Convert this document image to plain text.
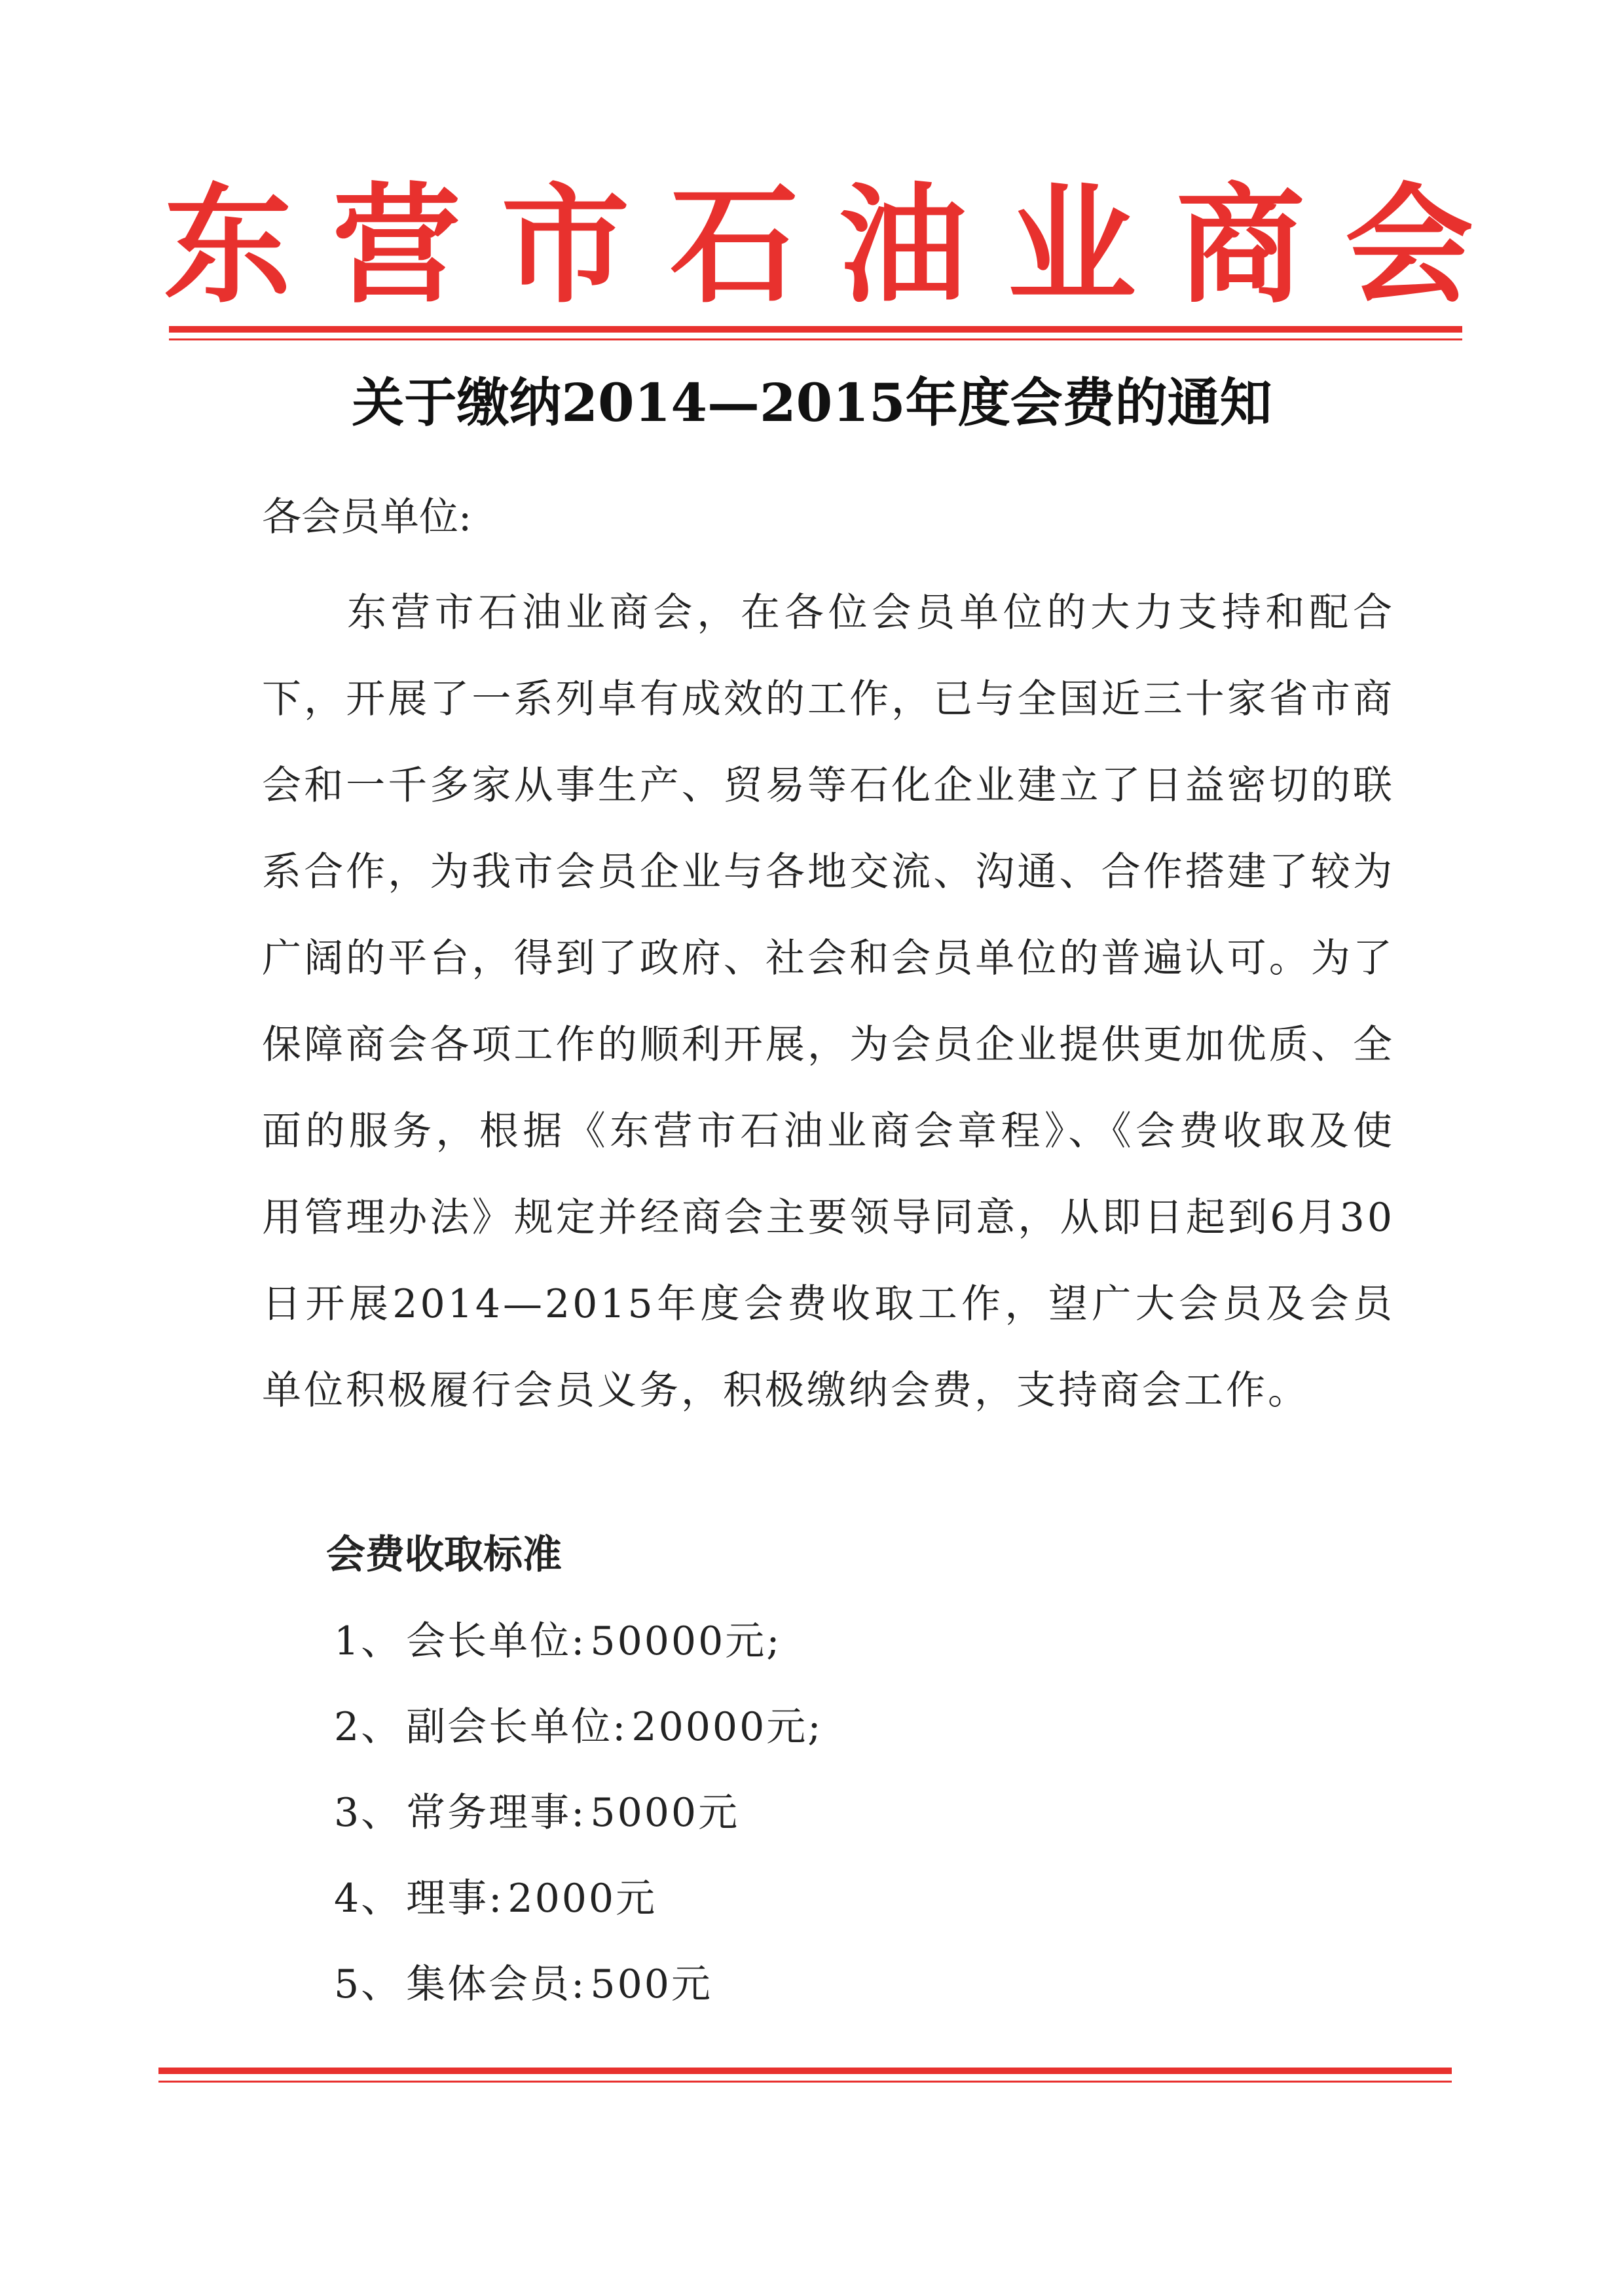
东营市石油业商会
关于缴纳2014—2015年度会费的通知
各会员单位:

东营市石油业商会，在各位会员单位的大力支持和配合下，开展了一系列卓有成效的工作，已与全国近三十家省市商会和一千多家从事生产、贸易等石化企业建立了日益密切的联系合作，为我市会员企业与各地交流、沟通、合作搭建了较为广阔的平台，得到了政府、社会和会员单位的普遍认可。为了保障商会各项工作的顺利开展，为会员企业提供更加优质、全面的服务，根据《东营市石油业商会章程》、《会费收取及使用管理办法》规定并经商会主要领导同意，从即日起到6月30日开展2014—2015年度会费收取工作，望广大会员及会员单位积极履行会员义务，积极缴纳会费，支持商会工作。

会费收取标准
1、 会长单位: 50000元;
2、 副会长单位: 20000元;
3、 常务理事: 5000元
4、 理事: 2000元
5、 集体会员: 500元
